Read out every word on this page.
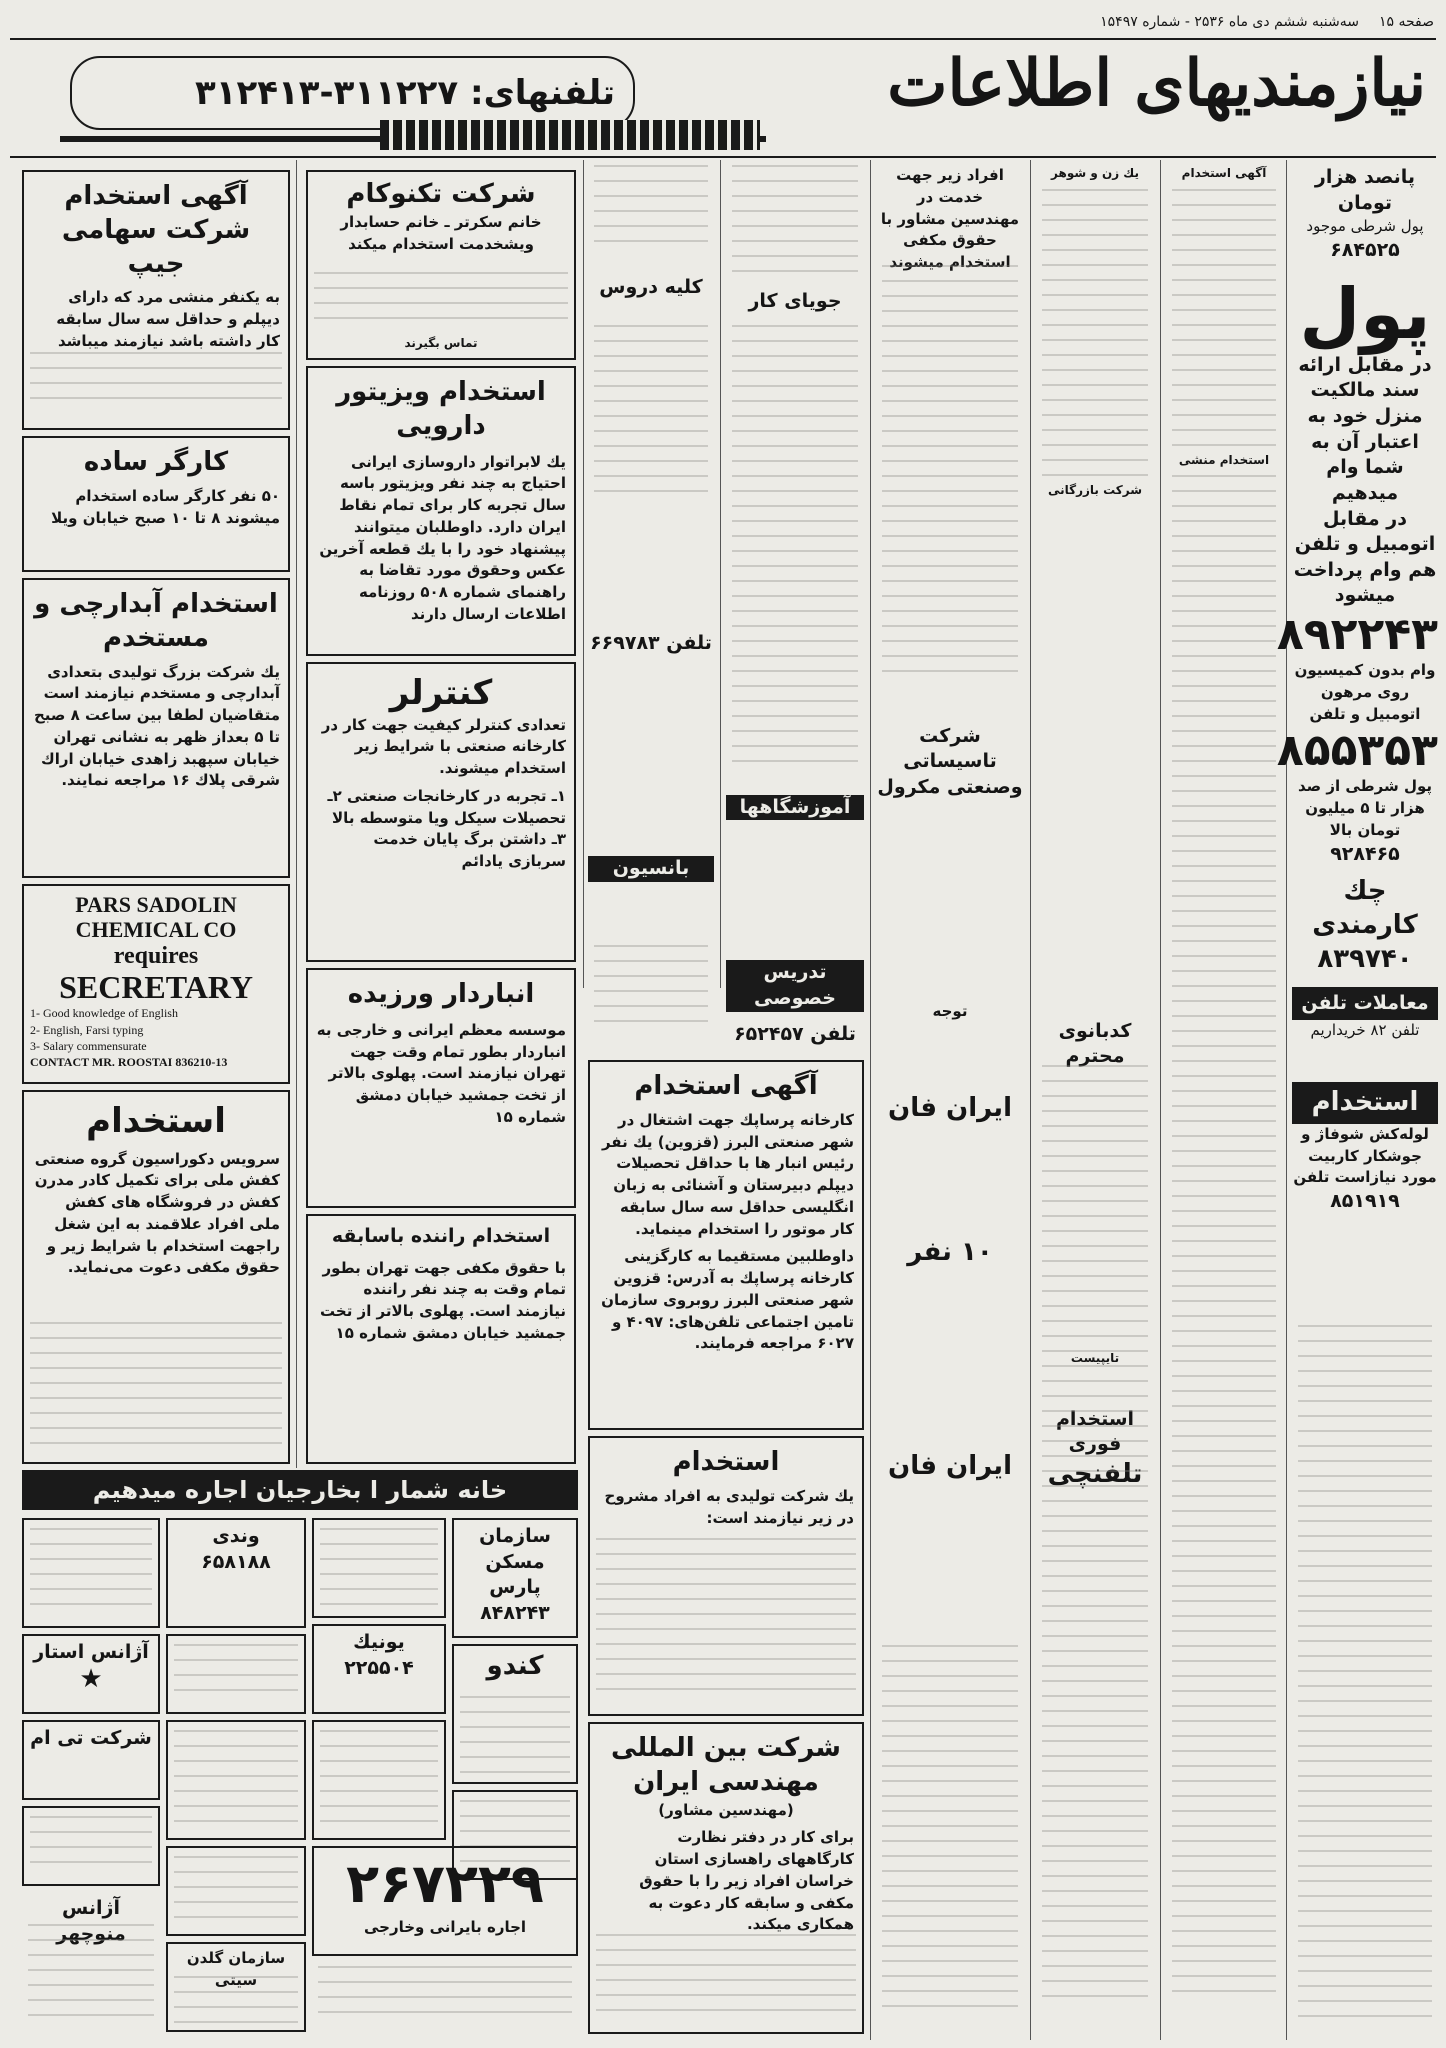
صفحه ۱۵
سه‌شنبه ششم دی ماه ۲۵۳۶ - شماره ۱۵۴۹۷
تلفنهای: ۳۱۱۲۲۷-۳۱۲۴۱۳	نیازمندیهای اطلاعات
پانصد هزار تومان
پول شرطی موجود
۶۸۴۵۲۵
پول
در مقابل ارائه سند مالکیت منزل خود به اعتبار آن به شما وام میدهیم
در مقابل اتومبیل و تلفن هم وام پرداخت میشود
۸۹۲۲۴۳
وام بدون کمیسیون روی مرهون اتومبیل و تلفن
۸۵۵۳۵۳
پول شرطی از صد هزار تا ۵ میلیون تومان بالا
۹۲۸۴۶۵
چك كارمندی
۸۳۹۷۴۰
معاملات تلفن
تلفن ۸۲ خریداریم
استخدام
لوله‌کش شوفاژ و جوشکار کاربیت مورد نیازاست تلفن
۸۵۱۹۱۹
آگهی استخدام
استخدام منشی
یك زن و شوهر
شرکت بازرگانی
کدبانوی محترم
تایپیست
استخدام فوری
تلفنچی
افراد زیر جهت خدمت در
مهندسین مشاور با حقوق مکفی
استخدام میشوند
شرکت تاسیساتی وصنعتی مکرول
توجه
ایران فان
۱۰ نفر
ایران فان
جویای کار
آموزشگاهها
تدریس خصوصی
تلفن ۶۵۲۴۵۷
کلیه دروس
تلفن ۶۶۹۷۸۳
بانسیون
شرکت تکنوکام
خانم سکرتر ـ خانم حسابدار ویشخدمت استخدام میکند
تماس بگیرند
استخدام ویزیتور دارویی
یك لابراتوار داروسازی ایرانی احتیاج به چند نفر ویزیتور باسه سال تجربه کار برای تمام نقاط ایران دارد. داوطلبان میتوانند پیشنهاد خود را با یك قطعه آخرین عکس وحقوق مورد تقاضا به راهنمای شماره ۵۰۸ روزنامه اطلاعات ارسال دارند
کنترلر
تعدادی کنترلر کیفیت جهت کار در کارخانه صنعتی با شرایط زیر استخدام میشوند.
۱ـ تجربه در کارخانجات صنعتی ۲ـ تحصیلات سیکل ویا متوسطه بالا ۳ـ داشتن برگ پایان خدمت سربازی یادائم
انباردار ورزیده
موسسه معظم ایرانی و خارجی به انباردار بطور تمام وقت جهت تهران نیازمند است. پهلوی بالاتر از تخت جمشید خیابان دمشق شماره ۱۵
استخدام راننده باسابقه
با حقوق مکفی جهت تهران بطور تمام وقت به چند نفر راننده نیازمند است. پهلوی بالاتر از تخت جمشید خیابان دمشق شماره ۱۵
آگهی استخدام
شرکت سهامی جیپ
به یکنفر منشی مرد که دارای دیپلم و حداقل سه سال سابقه کار داشته باشد نیازمند میباشد
کارگر ساده
۵۰ نفر کارگر ساده استخدام میشوند ۸ تا ۱۰ صبح خیابان ویلا
استخدام آبدارچی و مستخدم
یك شرکت بزرگ تولیدی بتعدادی آبدارچی و مستخدم نیازمند است متقاضیان لطفا بین ساعت ۸ صبح تا ۵ بعداز ظهر به نشانی تهران خیابان سپهبد زاهدی خیابان اراك شرقی پلاك ۱۶ مراجعه نمایند.
PARS SADOLIN
CHEMICAL CO
requires
SECRETARY
1- Good knowledge of English
2- English, Farsi typing
3- Salary commensurate
CONTACT MR. ROOSTAI 836210-13
استخدام
سرویس دکوراسیون گروه صنعتی کفش ملی برای تکمیل کادر مدرن کفش در فروشگاه های کفش ملی افراد علاقمند به این شغل راجهت استخدام با شرایط زیر و حقوق مکفی دعوت می‌نماید.
آگهی استخدام
کارخانه پرساپك جهت اشتغال در شهر صنعتی البرز (قزوین) یك نفر رئیس انبار ها با حداقل تحصیلات دیپلم دبیرستان و آشنائی به زبان انگلیسی حداقل سه سال سابقه کار موتور را استخدام مینماید.
داوطلبین مستقیما به کارگزینی کارخانه پرساپك به آدرس: قزوین شهر صنعتی البرز روبروی سازمان تامین اجتماعی تلفن‌های: ۴۰۹۷ و ۶۰۲۷ مراجعه فرمایند.
استخدام
یك شرکت تولیدی به افراد مشروح در زیر نیازمند است:
شرکت بین المللی مهندسی ایران
(مهندسین مشاور)
برای کار در دفتر نظارت کارگاههای راهسازی استان خراسان افراد زیر را با حقوق مکفی و سابقه کار دعوت به همکاری میکند.
خانه شمار ا بخارجیان اجاره میدهیم
سازمان مسکن پارس
۸۴۸۲۴۳
یونیك
۲۲۵۵۰۴	کندو
وندی
۶۵۸۱۸۸
آژانس استار
★
شرکت تی ام
۲۶۷۲۲۹
اجاره بایرانی وخارجی
آژانس منوچهر
سازمان گلدن سیتی
